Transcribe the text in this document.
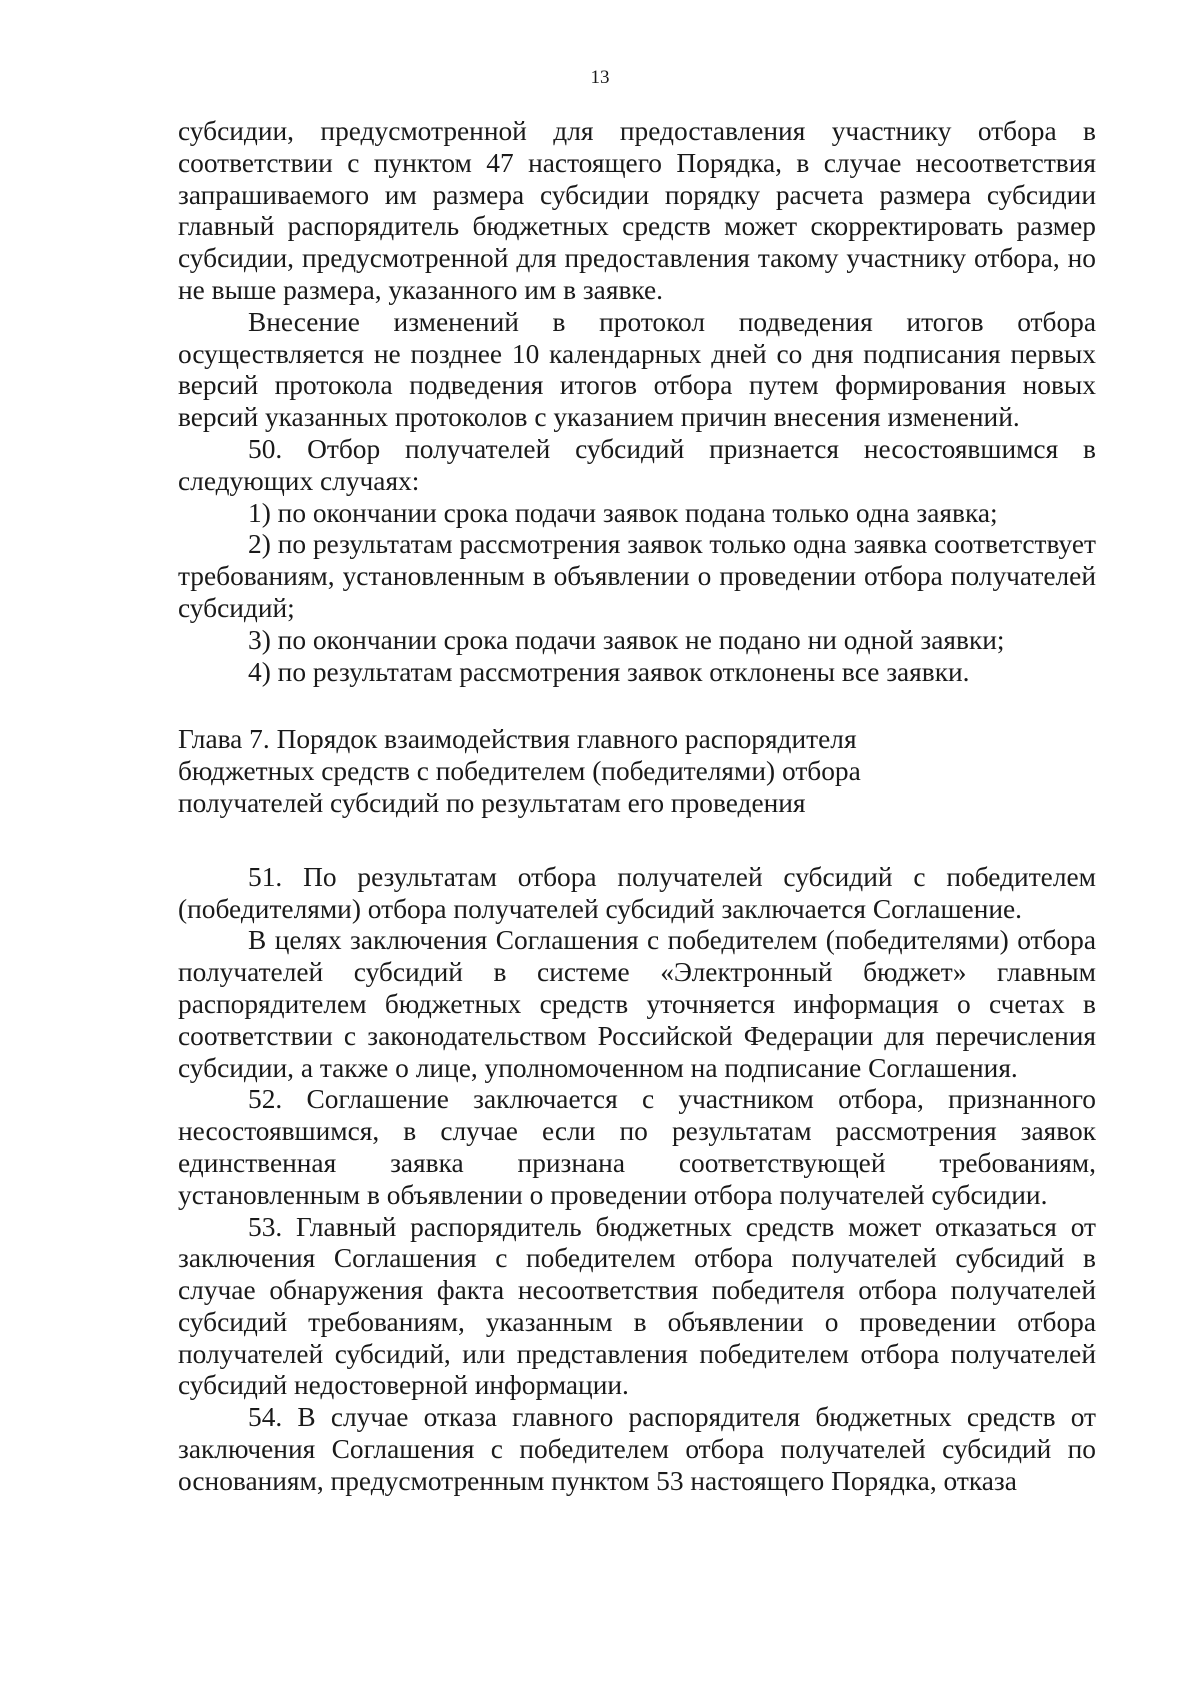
13

субсидии, предусмотренной для предоставления участнику отбора в соответствии с пунктом 47 настоящего Порядка, в случае несоответствия запрашиваемого им размера субсидии порядку расчета размера субсидии главный распорядитель бюджетных средств может скорректировать размер субсидии, предусмотренной для предоставления такому участнику отбора, но не выше размера, указанного им в заявке.

Внесение изменений в протокол подведения итогов отбора осуществляется не позднее 10 календарных дней со дня подписания первых версий протокола подведения итогов отбора путем формирования новых версий указанных протоколов с указанием причин внесения изменений.

50. Отбор получателей субсидий признается несостоявшимся в следующих случаях:

1) по окончании срока подачи заявок подана только одна заявка;

2) по результатам рассмотрения заявок только одна заявка соответствует требованиям, установленным в объявлении о проведении отбора получателей субсидий;

3) по окончании срока подачи заявок не подано ни одной заявки;

4) по результатам рассмотрения заявок отклонены все заявки.

Глава 7. Порядок взаимодействия главного распорядителя
бюджетных средств с победителем (победителями) отбора
получателей субсидий по результатам его проведения

51. По результатам отбора получателей субсидий с победителем (победителями) отбора получателей субсидий заключается Соглашение.

В целях заключения Соглашения с победителем (победителями) отбора получателей субсидий в системе «Электронный бюджет» главным распорядителем бюджетных средств уточняется информация о счетах в соответствии с законодательством Российской Федерации для перечисления субсидии, а также о лице, уполномоченном на подписание Соглашения.

52. Соглашение заключается с участником отбора, признанного несостоявшимся, в случае если по результатам рассмотрения заявок единственная заявка признана соответствующей требованиям, установленным в объявлении о проведении отбора получателей субсидии.

53. Главный распорядитель бюджетных средств может отказаться от заключения Соглашения с победителем отбора получателей субсидий в случае обнаружения факта несоответствия победителя отбора получателей субсидий требованиям, указанным в объявлении о проведении отбора получателей субсидий, или представления победителем отбора получателей субсидий недостоверной информации.

54. В случае отказа главного распорядителя бюджетных средств от заключения Соглашения с победителем отбора получателей субсидий по основаниям, предусмотренным пунктом 53 настоящего Порядка, отказа
